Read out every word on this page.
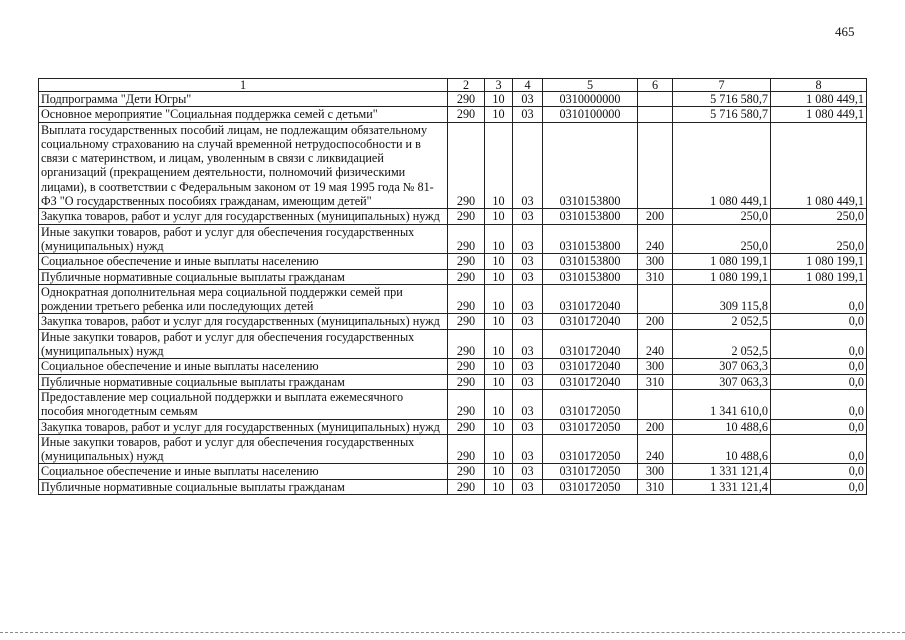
465
1	2	3	4	5	6	7	8
Подпрограмма "Дети Югры"	290	10	03	0310000000		5 716 580,7	1 080 449,1
Основное мероприятие "Социальная поддержка семей с детьми"	290	10	03	0310100000		5 716 580,7	1 080 449,1
Выплата государственных пособий лицам, не подлежащим обязательному социальному страхованию на случай временной нетрудоспособности и в связи с материнством, и лицам, уволенным в связи с ликвидацией организаций (прекращением деятельности, полномочий физическими лицами), в соответствии с Федеральным законом от 19 мая 1995 года № 81-ФЗ "О государственных пособиях гражданам, имеющим детей"	290	10	03	0310153800		1 080 449,1	1 080 449,1
Закупка товаров, работ и услуг для государственных (муниципальных) нужд	290	10	03	0310153800	200	250,0	250,0
Иные закупки товаров, работ и услуг для обеспечения государственных (муниципальных) нужд	290	10	03	0310153800	240	250,0	250,0
Социальное обеспечение и иные выплаты населению	290	10	03	0310153800	300	1 080 199,1	1 080 199,1
Публичные нормативные социальные выплаты гражданам	290	10	03	0310153800	310	1 080 199,1	1 080 199,1
Однократная дополнительная мера социальной поддержки семей при рождении третьего ребенка или последующих детей	290	10	03	0310172040		309 115,8	0,0
Закупка товаров, работ и услуг для государственных (муниципальных) нужд	290	10	03	0310172040	200	2 052,5	0,0
Иные закупки товаров, работ и услуг для обеспечения государственных (муниципальных) нужд	290	10	03	0310172040	240	2 052,5	0,0
Социальное обеспечение и иные выплаты населению	290	10	03	0310172040	300	307 063,3	0,0
Публичные нормативные социальные выплаты гражданам	290	10	03	0310172040	310	307 063,3	0,0
Предоставление мер социальной поддержки и выплата ежемесячного пособия многодетным семьям	290	10	03	0310172050		1 341 610,0	0,0
Закупка товаров, работ и услуг для государственных (муниципальных) нужд	290	10	03	0310172050	200	10 488,6	0,0
Иные закупки товаров, работ и услуг для обеспечения государственных (муниципальных) нужд	290	10	03	0310172050	240	10 488,6	0,0
Социальное обеспечение и иные выплаты населению	290	10	03	0310172050	300	1 331 121,4	0,0
Публичные нормативные социальные выплаты гражданам	290	10	03	0310172050	310	1 331 121,4	0,0
